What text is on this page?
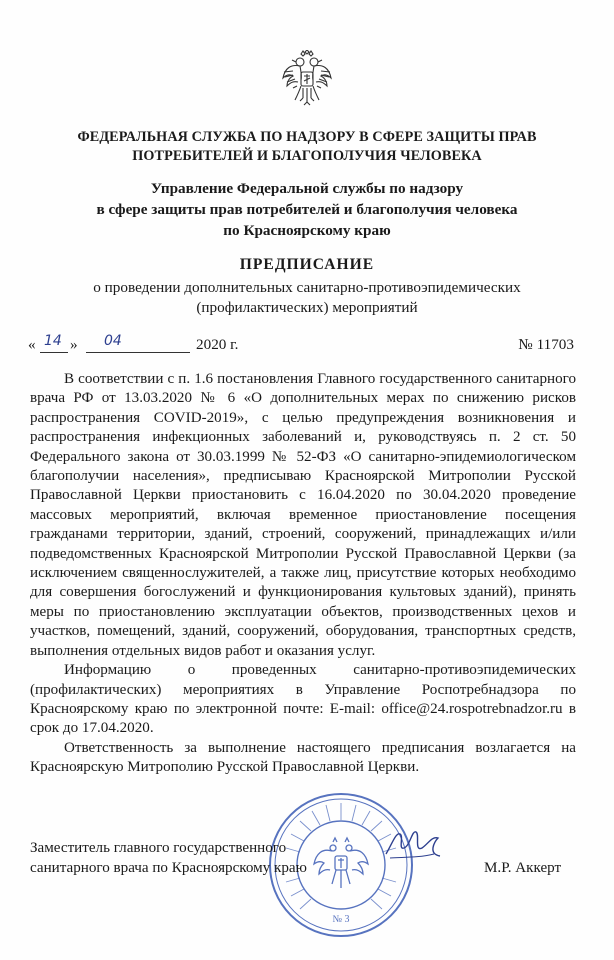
ФЕДЕРАЛЬНАЯ СЛУЖБА ПО НАДЗОРУ В СФЕРЕ ЗАЩИТЫ ПРАВ
ПОТРЕБИТЕЛЕЙ И БЛАГОПОЛУЧИЯ ЧЕЛОВЕКА
Управление Федеральной службы по надзору
в сфере защиты прав потребителей и благополучия человека
по Красноярскому краю
ПРЕДПИСАНИЕ
о проведении дополнительных санитарно-противоэпидемических
(профилактических) мероприятий
« 14 » 04	2020 г.	№ 11703

В соответствии с п. 1.6 постановления Главного государственного санитарного врача РФ от 13.03.2020 № 6 «О дополнительных мерах по снижению рисков распространения COVID-2019», с целью предупреждения возникновения и распространения инфекционных заболеваний и, руководствуясь п. 2 ст. 50 Федерального закона от 30.03.1999 № 52-ФЗ «О санитарно-эпидемиологическом благополучии населения», предписываю Красноярской Митрополии Русской Православной Церкви приостановить с 16.04.2020 по 30.04.2020 проведение массовых мероприятий, включая временное приостановление посещения гражданами территории, зданий, строений, сооружений, принадлежащих и/или подведомственных Красноярской Митрополии Русской Православной Церкви (за исключением священнослужителей, а также лиц, присутствие которых необходимо для совершения богослужений и функционирования культовых зданий), принять меры по приостановлению эксплуатации объектов, производственных цехов и участков, помещений, зданий, сооружений, оборудования, транспортных средств, выполнения отдельных видов работ и оказания услуг.

Информацию о проведенных санитарно-противоэпидемических (профилактических) мероприятиях в Управление Роспотребнадзора по Красноярскому краю по электронной почте: E-mail: office@24.rospotrebnadzor.ru в срок до 17.04.2020.

Ответственность за выполнение настоящего предписания возлагается на Красноярскую Митрополию Русской Православной Церкви.

№ 3
Заместитель главного государственного
санитарного врача по Красноярскому краю	М.Р. Аккерт
